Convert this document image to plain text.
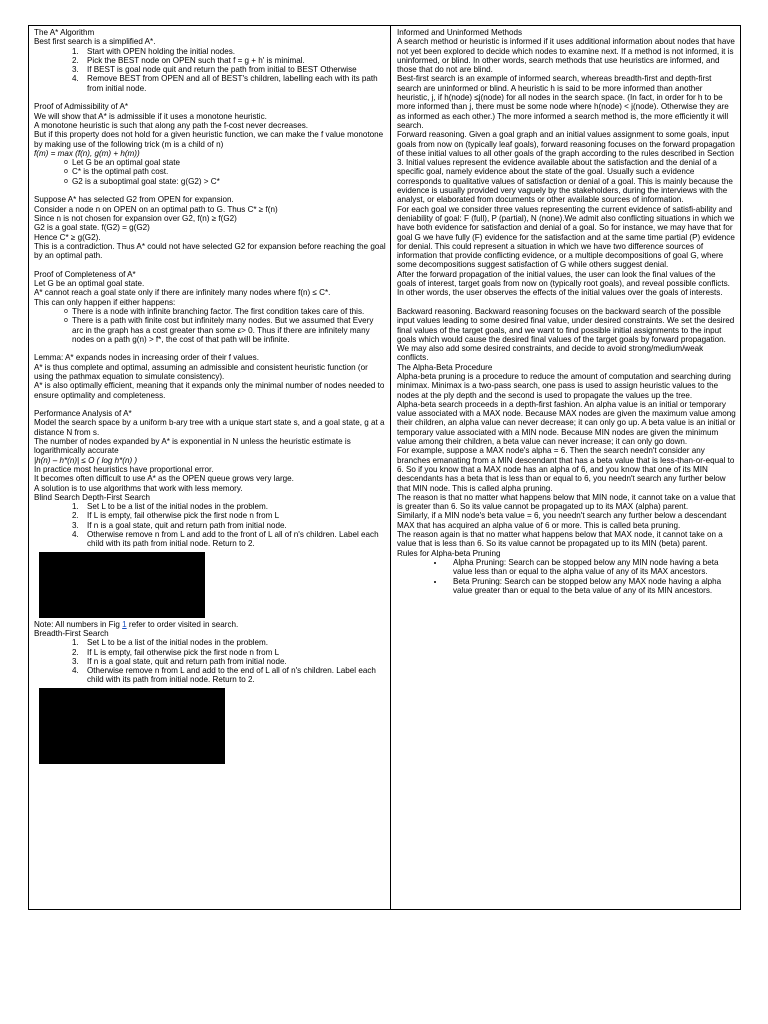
The A* Algorithm

Best first search is a simplified A*.

1. Start with OPEN holding the initial nodes.
2. Pick the BEST node on OPEN such that f = g + h' is minimal.
3. If BEST is goal node quit and return the path from initial to BEST Otherwise
4. Remove BEST from OPEN and all of BEST's children, labelling each with its path from initial node.

Proof of Admissibility of A*

We will show that A* is admissible if it uses a monotone heuristic.

A monotone heuristic is such that along any path the f-cost never decreases.

But if this property does not hold for a given heuristic function, we can make the f value monotone by making use of the following trick (m is a child of n)

f(m) = max (f(n), g(m) + h(m))

o Let G be an optimal goal state
o C* is the optimal path cost.
o G2 is a suboptimal goal state: g(G2) > C*

Suppose A* has selected G2 from OPEN for expansion.

Consider a node n on OPEN on an optimal path to G. Thus C* ≥ f(n)

Since n is not chosen for expansion over G2, f(n) ≥ f(G2)

G2 is a goal state. f(G2) = g(G2)

Hence C* ≥ g(G2).

This is a contradiction. Thus A* could not have selected G2 for expansion before reaching the goal by an optimal path.

Proof of Completeness of A*

Let G be an optimal goal state.

A* cannot reach a goal state only if there are infinitely many nodes where f(n) ≤ C*.

This can only happen if either happens:

o There is a node with infinite branching factor. The first condition takes care of this.
o There is a path with finite cost but infinitely many nodes. But we assumed that Every arc in the graph has a cost greater than some ε> 0. Thus if there are infinitely many nodes on a path g(n) > f*, the cost of that path will be infinite.

Lemma: A* expands nodes in increasing order of their f values.

A* is thus complete and optimal, assuming an admissible and consistent heuristic function (or using the pathmax equation to simulate consistency).

A* is also optimally efficient, meaning that it expands only the minimal number of nodes needed to ensure optimality and completeness.

Performance Analysis of A*

Model the search space by a uniform b-ary tree with a unique start state s, and a goal state, g at a distance N from s.

The number of nodes expanded by A* is exponential in N unless the heuristic estimate is logarithmically accurate

|h(n) – h*(n)| ≤ O ( log h*(n) )

In practice most heuristics have proportional error.

It becomes often difficult to use A* as the OPEN queue grows very large.

A solution is to use algorithms that work with less memory.

Blind Search Depth-First Search

1. Set L to be a list of the initial nodes in the problem.
2. If L is empty, fail otherwise pick the first node n from L
3. If n is a goal state, quit and return path from initial node.
4. Otherwise remove n from L and add to the front of L all of n's children. Label each child with its path from initial node. Return to 2.

Note: All numbers in Fig 1 refer to order visited in search.

Breadth-First Search

1. Set L to be a list of the initial nodes in the problem.
2. If L is empty, fail otherwise pick the first node n from L
3. If n is a goal state, quit and return path from initial node.
4. Otherwise remove n from L and add to the end of L all of n's children. Label each child with its path from initial node. Return to 2.

Informed and Uninformed Methods

A search method or heuristic is informed if it uses additional information about nodes that have not yet been explored to decide which nodes to examine next. If a method is not informed, it is uninformed, or blind. In other words, search methods that use heuristics are informed, and those that do not are blind.

Best-first search is an example of informed search, whereas breadth-first and depth-first search are uninformed or blind. A heuristic h is said to be more informed than another heuristic, j, if h(node) ≤j(node) for all nodes in the search space. (In fact, in order for h to be more informed than j, there must be some node where h(node) < j(node). Otherwise they are as informed as each other.) The more informed a search method is, the more efficiently it will search.

Forward reasoning. Given a goal graph and an initial values assignment to some goals, input goals from now on (typically leaf goals), forward reasoning focuses on the forward propagation of these initial values to all other goals of the graph according to the rules described in Section 3. Initial values represent the evidence available about the satisfaction and the denial of a specific goal, namely evidence about the state of the goal. Usually such a evidence corresponds to qualitative values of satisfaction or denial of a goal. This is mainly because the evidence is usually provided very vaguely by the stakeholders, during the interviews with the analyst, or elaborated from documents or other available sources of information.

For each goal we consider three values representing the current evidence of satisfi-ability and deniability of goal: F (full), P (partial), N (none).We admit also conflicting situations in which we have both evidence for satisfaction and denial of a goal. So for instance, we may have that for goal G we have fully (F) evidence for the satisfaction and at the same time partial (P) evidence for denial. This could represent a situation in which we have two difference sources of information that provide conflicting evidence, or a multiple decompositions of goal G, where some decompositions suggest satisfaction of G while others suggest denial.

After the forward propagation of the initial values, the user can look the final values of the goals of interest, target goals from now on (typically root goals), and reveal possible conflicts. In other words, the user observes the effects of the initial values over the goals of interests.

Backward reasoning. Backward reasoning focuses on the backward search of the possible input values leading to some desired final value, under desired constraints. We set the desired final values of the target goals, and we want to find possible initial assignments to the input goals which would cause the desired final values of the target goals by forward propagation. We may also add some desired constraints, and decide to avoid strong/medium/weak conflicts.

The Alpha-Beta Procedure

Alpha-beta pruning is a procedure to reduce the amount of computation and searching during minimax. Minimax is a two-pass search, one pass is used to assign heuristic values to the nodes at the ply depth and the second is used to propagate the values up the tree.

Alpha-beta search proceeds in a depth-first fashion. An alpha value is an initial or temporary value associated with a MAX node. Because MAX nodes are given the maximum value among their children, an alpha value can never decrease; it can only go up. A beta value is an initial or temporary value associated with a MIN node. Because MIN nodes are given the minimum value among their children, a beta value can never increase; it can only go down.

For example, suppose a MAX node's alpha = 6. Then the search needn't consider any branches emanating from a MIN descendant that has a beta value that is less-than-or-equal to 6. So if you know that a MAX node has an alpha of 6, and you know that one of its MIN descendants has a beta that is less than or equal to 6, you needn't search any further below that MIN node. This is called alpha pruning.

The reason is that no matter what happens below that MIN node, it cannot take on a value that is greater than 6. So its value cannot be propagated up to its MAX (alpha) parent.

Similarly, if a MIN node's beta value = 6, you needn't search any further below a descendant MAX that has acquired an alpha value of 6 or more. This is called beta pruning.

The reason again is that no matter what happens below that MAX node, it cannot take on a value that is less than 6. So its value cannot be propagated up to its MIN (beta) parent.

Rules for Alpha-beta Pruning

• Alpha Pruning: Search can be stopped below any MIN node having a beta value less than or equal to the alpha value of any of its MAX ancestors.
• Beta Pruning: Search can be stopped below any MAX node having a alpha value greater than or equal to the beta value of any of its MIN ancestors.
